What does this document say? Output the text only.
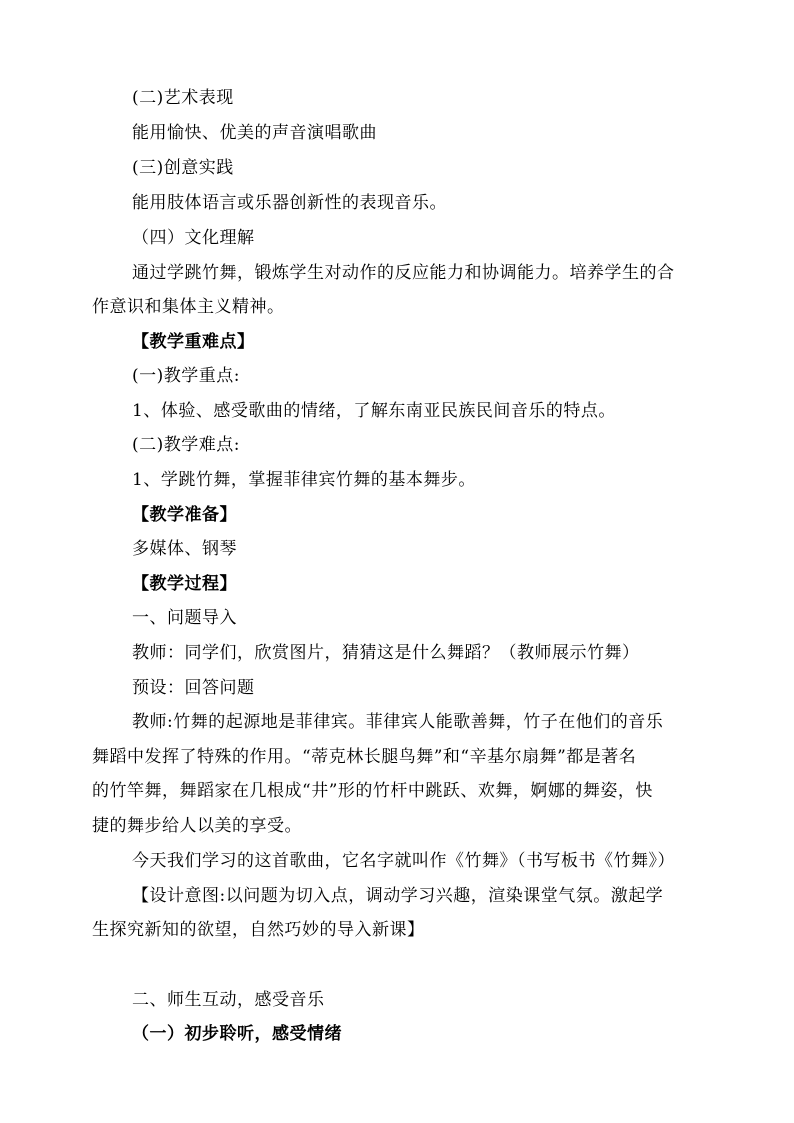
(二)艺术表现
能用愉快、优美的声音演唱歌曲
(三)创意实践
能用肢体语言或乐器创新性的表现音乐。
（四）文化理解
通过学跳竹舞，锻炼学生对动作的反应能力和协调能力。培养学生的合
作意识和集体主义精神。
【教学重难点】
(一)教学重点:
1、体验、感受歌曲的情绪，了解东南亚民族民间音乐的特点。
(二)教学难点:
1、学跳竹舞，掌握菲律宾竹舞的基本舞步。
【教学准备】
多媒体、钢琴
【教学过程】
一、问题导入
教师：同学们，欣赏图片，猜猜这是什么舞蹈？（教师展示竹舞）
预设：回答问题
教师:竹舞的起源地是菲律宾。菲律宾人能歌善舞，竹子在他们的音乐
舞蹈中发挥了特殊的作用。“蒂克林长腿鸟舞”和“辛基尔扇舞”都是著名
的竹竿舞，舞蹈家在几根成“井”形的竹杆中跳跃、欢舞，婀娜的舞姿，快
捷的舞步给人以美的享受。
今天我们学习的这首歌曲，它名字就叫作《竹舞》（书写板书《竹舞》）
【设计意图:以问题为切入点，调动学习兴趣，渲染课堂气氛。激起学
生探究新知的欲望，自然巧妙的导入新课】
二、师生互动，感受音乐
（一）初步聆听，感受情绪
